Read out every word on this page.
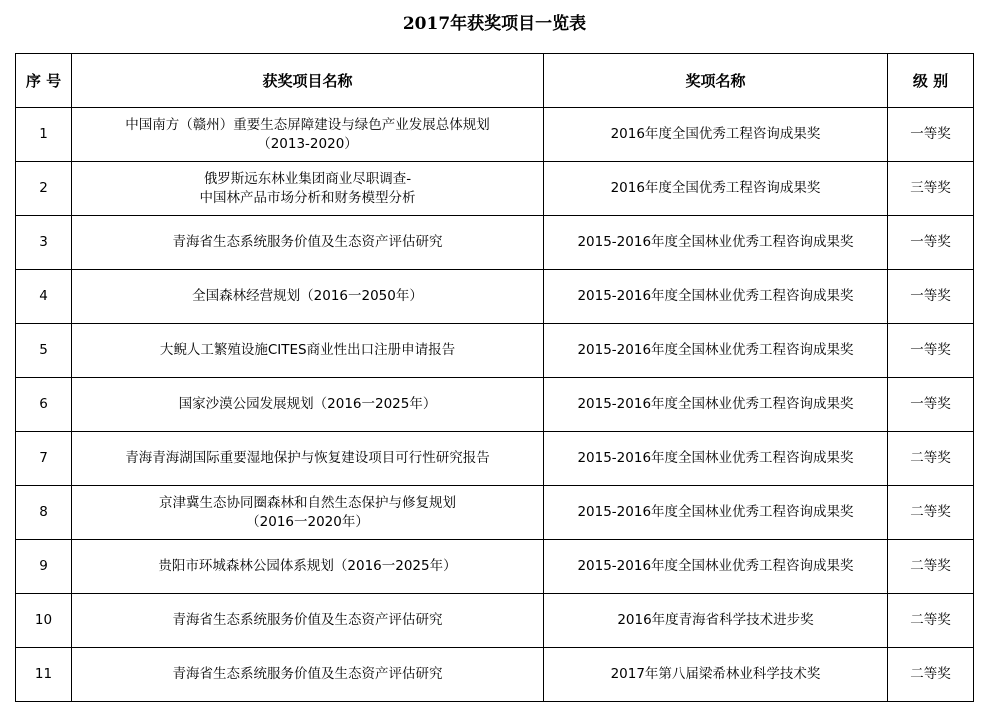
2017年获奖项目一览表
序 号	获奖项目名称	奖项名称	级 别
1	中国南方（赣州）重要生态屏障建设与绿色产业发展总体规划
（2013-2020）	2016年度全国优秀工程咨询成果奖	一等奖
2	俄罗斯远东林业集团商业尽职调查-
中国林产品市场分析和财务模型分析	2016年度全国优秀工程咨询成果奖	三等奖
3	青海省生态系统服务价值及生态资产评估研究	2015-2016年度全国林业优秀工程咨询成果奖	一等奖
4	全国森林经营规划（2016一2050年）	2015-2016年度全国林业优秀工程咨询成果奖	一等奖
5	大鲵人工繁殖设施CITES商业性出口注册申请报告	2015-2016年度全国林业优秀工程咨询成果奖	一等奖
6	国家沙漠公园发展规划（2016一2025年）	2015-2016年度全国林业优秀工程咨询成果奖	一等奖
7	青海青海湖国际重要湿地保护与恢复建设项目可行性研究报告	2015-2016年度全国林业优秀工程咨询成果奖	二等奖
8	京津冀生态协同圈森林和自然生态保护与修复规划
（2016一2020年）	2015-2016年度全国林业优秀工程咨询成果奖	二等奖
9	贵阳市环城森林公园体系规划（2016一2025年）	2015-2016年度全国林业优秀工程咨询成果奖	二等奖
10	青海省生态系统服务价值及生态资产评估研究	2016年度青海省科学技术进步奖	二等奖
11	青海省生态系统服务价值及生态资产评估研究	2017年第八届梁希林业科学技术奖	二等奖
